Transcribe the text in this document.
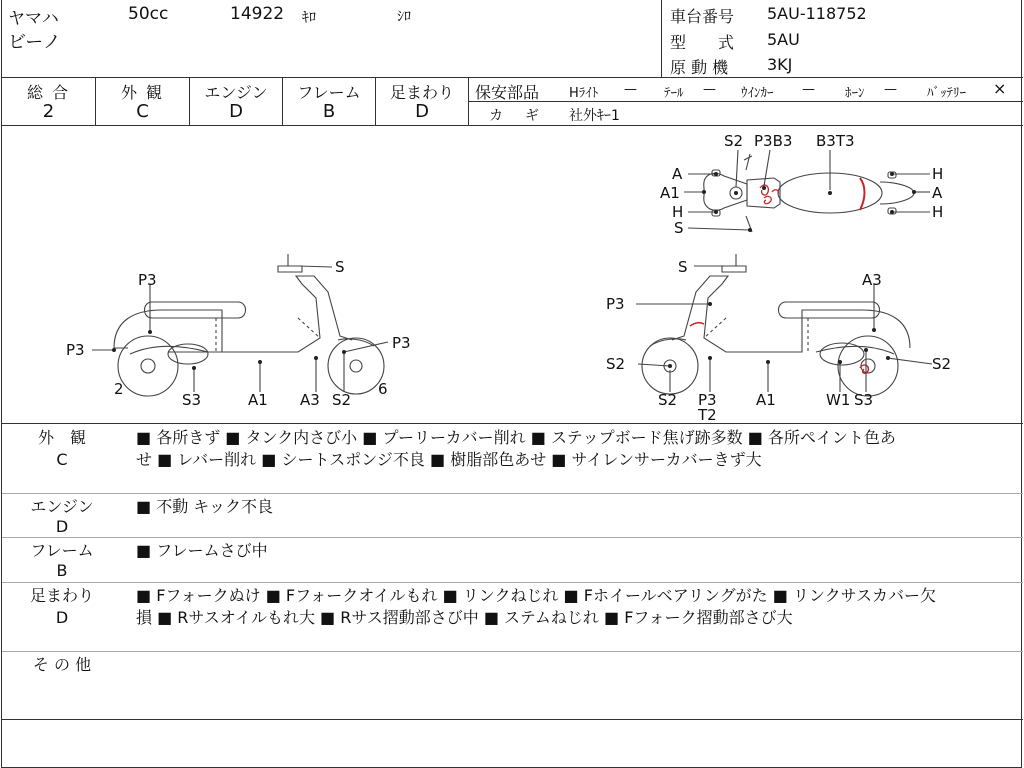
ヤマハ	50cc	14922 ｷﾛ	ｼﾛ
ビーノ
車台番号 5AU-118752
型　　式 5AU
原 動 機 3KJ
総 合
2
外 観
C
エンジン
D
フレーム
B
足まわり
D
保安部品 Hﾗｲﾄ — ﾃｰﾙ — ｳｲﾝｶｰ — ﾎｰﾝ — ﾊﾞｯﾃﾘｰ ×
カ　ギ 社外ｷｰ1
S2 P3B3 B3T3
A
A1
H
S
H
A
H
S
P3
P3	P3
2
S3	A1 A3 S2
6
S
P3
A3
S2	S2
S2 P3
T2
A1	W1 S3
外　観
C
■ 各所きず ■ タンク内さび小 ■ プーリーカバー削れ ■ ステップボード焦げ跡多数 ■ 各所ペイント色あ
せ ■ レバー削れ ■ シートスポンジ不良 ■ 樹脂部色あせ ■ サイレンサーカバーきず大
エンジン
D
■ 不動 キック不良
フレーム
B
■ フレームさび中
足まわり
D
■ Fフォークぬけ ■ Fフォークオイルもれ ■ リンクねじれ ■ Fホイールベアリングがた ■ リンクサスカバー欠
損 ■ Rサスオイルもれ大 ■ Rサス摺動部さび中 ■ ステムねじれ ■ Fフォーク摺動部さび大
そ の 他
